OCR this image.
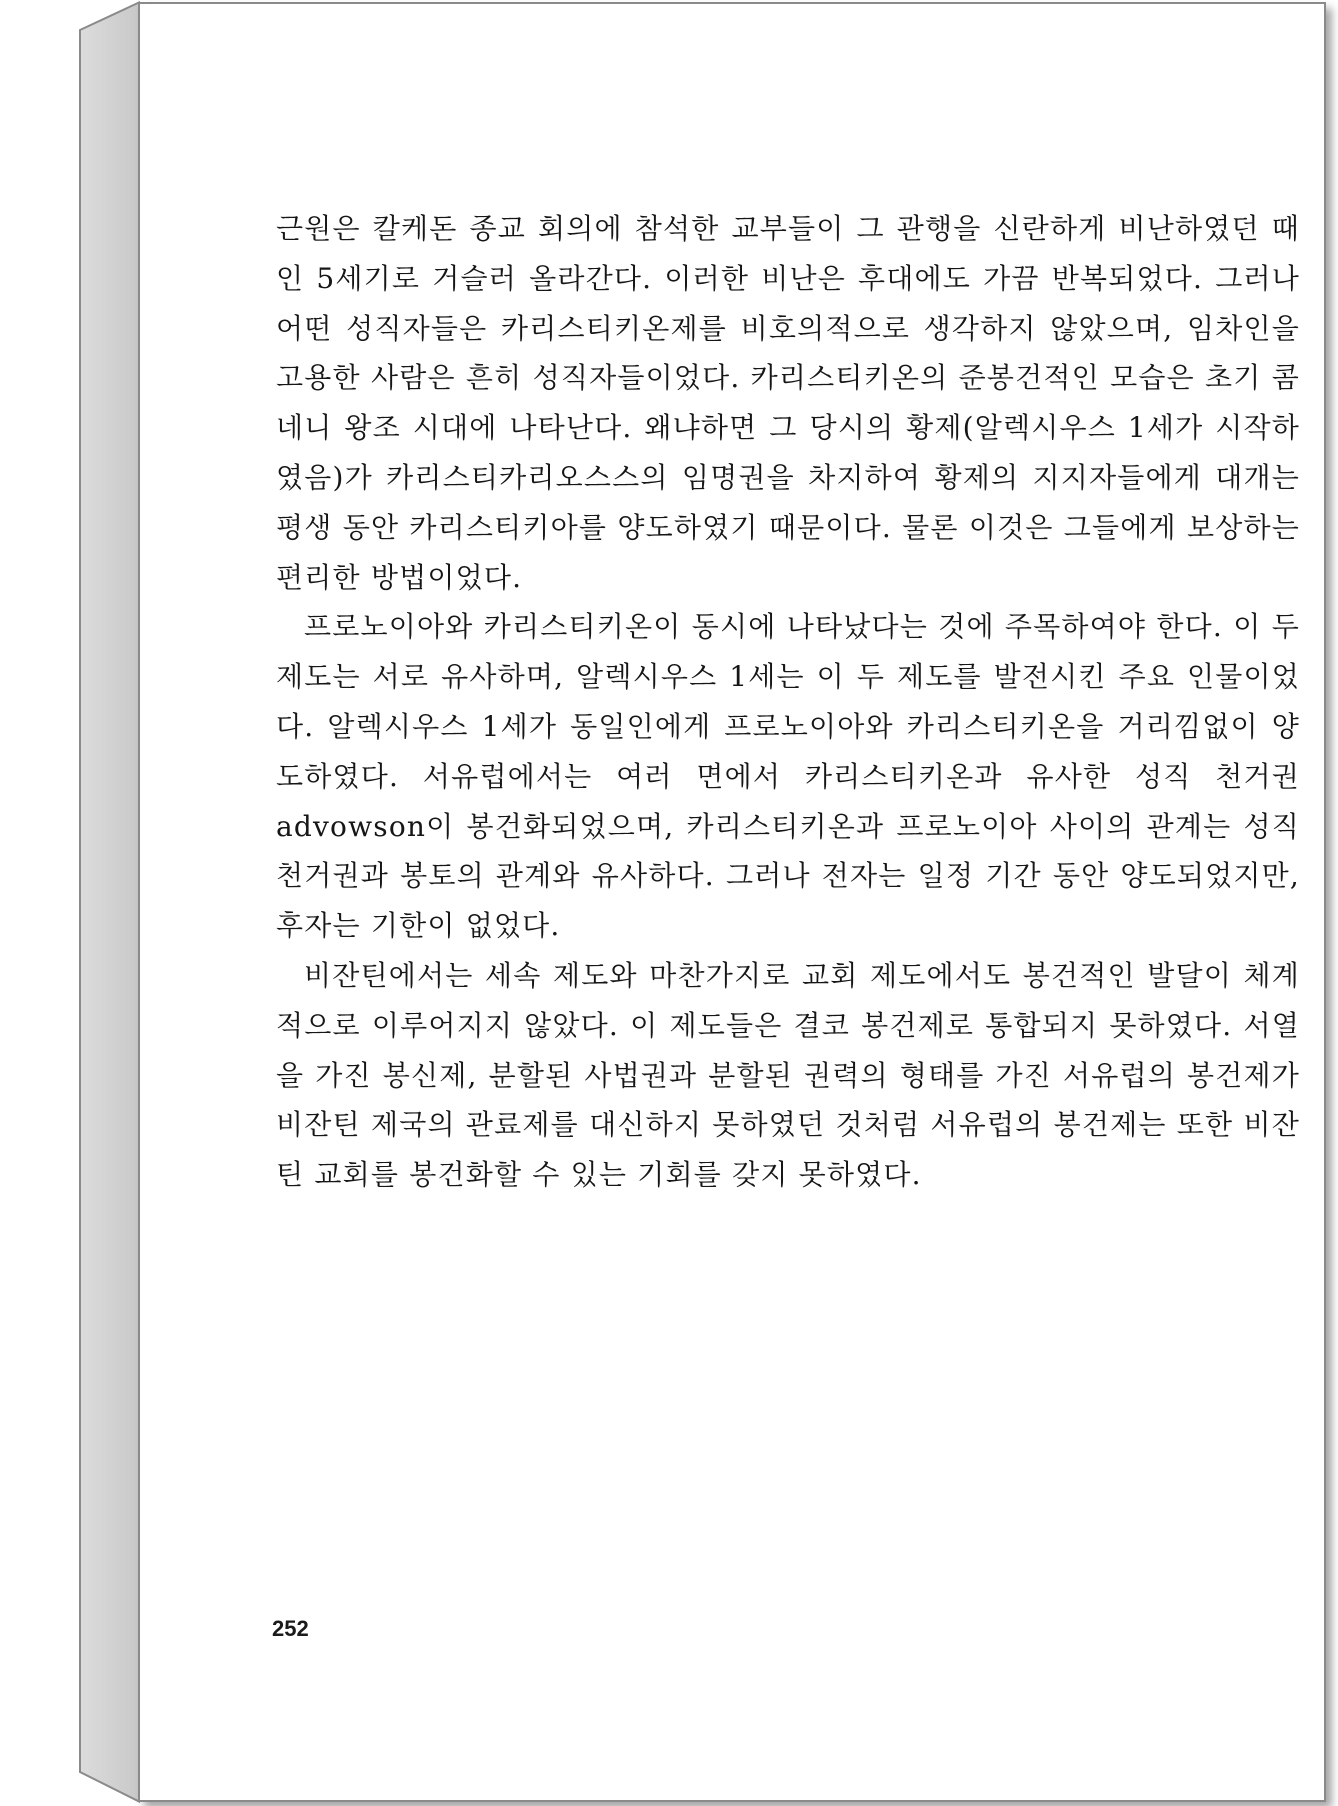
근원은 칼케돈 종교 회의에 참석한 교부들이 그 관행을 신란하게 비난하였던 때인 5세기로 거슬러 올라간다. 이러한 비난은 후대에도 가끔 반복되었다. 그러나 어떤 성직자들은 카리스티키온제를 비호의적으로 생각하지 않았으며, 임차인을 고용한 사람은 흔히 성직자들이었다. 카리스티키온의 준봉건적인 모습은 초기 콤네니 왕조 시대에 나타난다. 왜냐하면 그 당시의 황제(알렉시우스 1세가 시작하였음)가 카리스티카리오스스의 임명권을 차지하여 황제의 지지자들에게 대개는 평생 동안 카리스티키아를 양도하였기 때문이다. 물론 이것은 그들에게 보상하는 편리한 방법이었다.

프로노이아와 카리스티키온이 동시에 나타났다는 것에 주목하여야 한다. 이 두 제도는 서로 유사하며, 알렉시우스 1세는 이 두 제도를 발전시킨 주요 인물이었다. 알렉시우스 1세가 동일인에게 프로노이아와 카리스티키온을 거리낌없이 양도하였다. 서유럽에서는 여러 면에서 카리스티키온과 유사한 성직 천거권 advowson이 봉건화되었으며, 카리스티키온과 프로노이아 사이의 관계는 성직 천거권과 봉토의 관계와 유사하다. 그러나 전자는 일정 기간 동안 양도되었지만, 후자는 기한이 없었다.

비잔틴에서는 세속 제도와 마찬가지로 교회 제도에서도 봉건적인 발달이 체계적으로 이루어지지 않았다. 이 제도들은 결코 봉건제로 통합되지 못하였다. 서열을 가진 봉신제, 분할된 사법권과 분할된 권력의 형태를 가진 서유럽의 봉건제가 비잔틴 제국의 관료제를 대신하지 못하였던 것처럼 서유럽의 봉건제는 또한 비잔틴 교회를 봉건화할 수 있는 기회를 갖지 못하였다.

252
